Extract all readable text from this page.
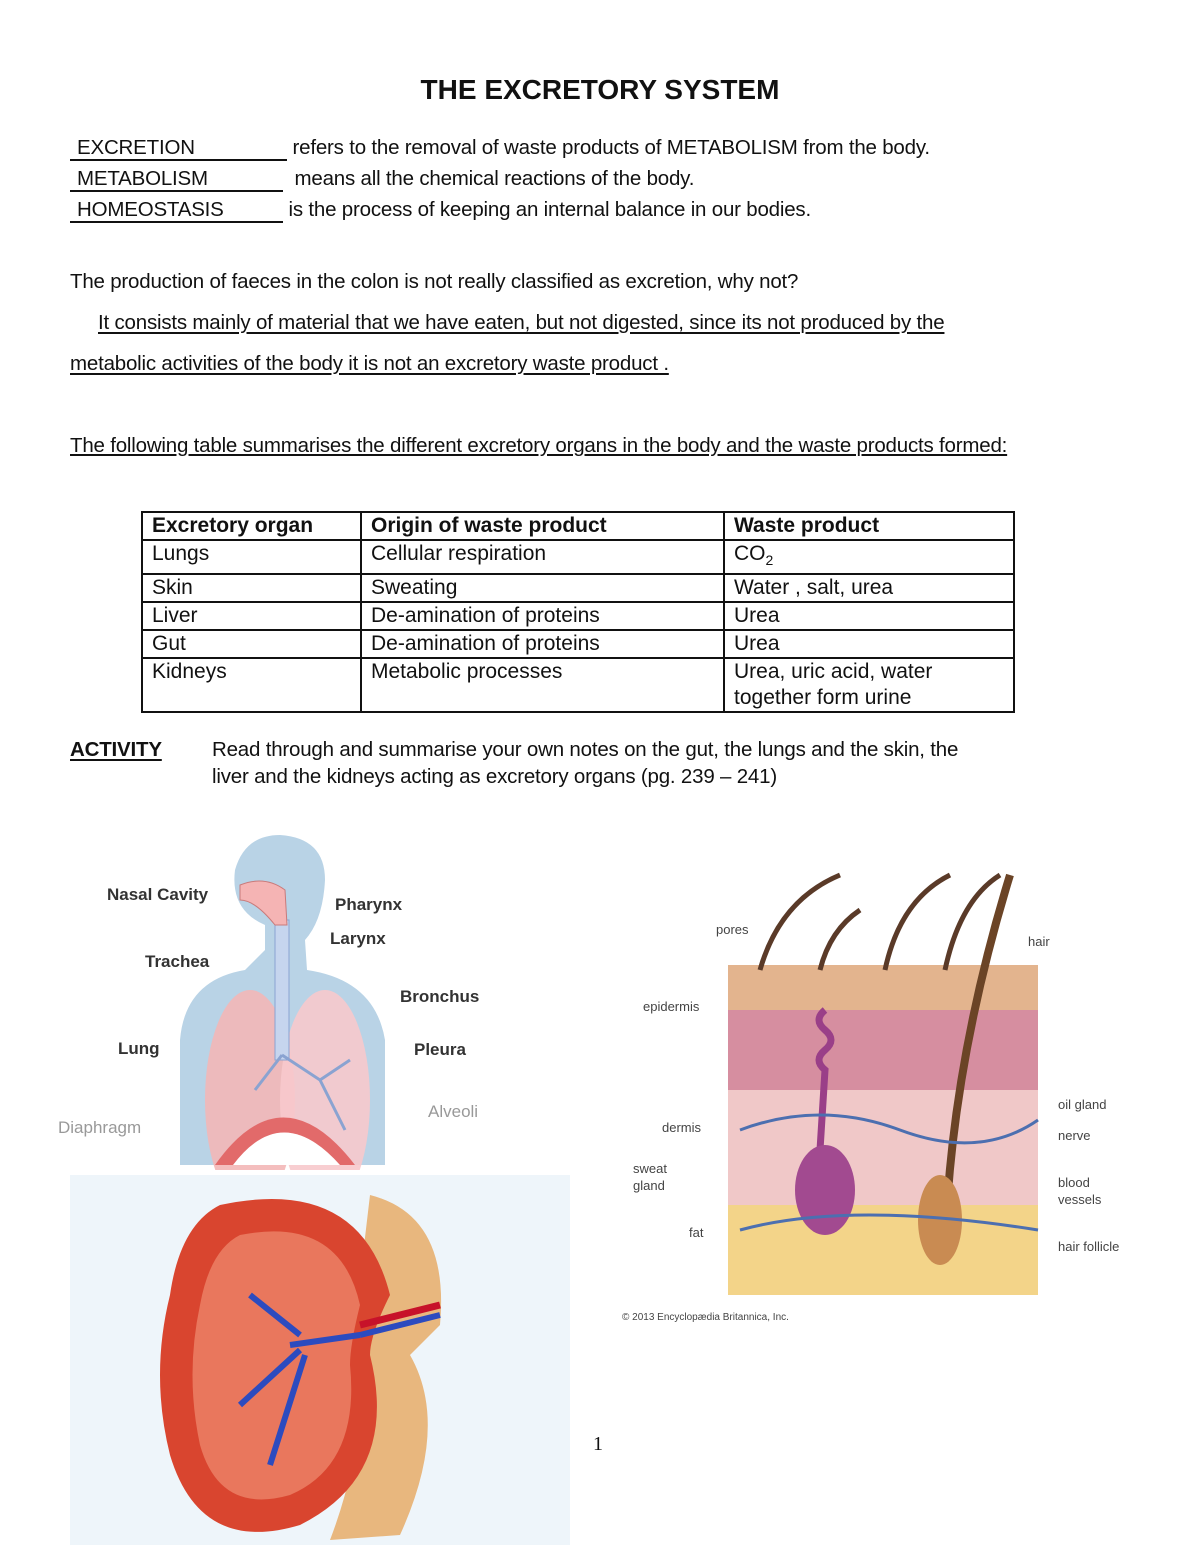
THE EXCRETORY SYSTEM
EXCRETION	refers to the removal of waste products of METABOLISM from the body.
METABOLISM	means all the chemical reactions of the body.
HOMEOSTASIS	is the process of keeping an internal balance in our bodies.
The production of faeces in the colon is not really classified as excretion, why not?
It consists mainly of material that we have eaten, but not digested, since its not produced by the
metabolic activities of the body it is not an excretory waste product .
The following table summarises the different excretory organs in the body and the waste products formed:
Excretory organ	Origin of waste product	Waste product
Lungs	Cellular respiration	$CO_2$
Skin	Sweating	Water , salt, urea
Liver	De-amination of proteins	Urea
Gut	De-amination of proteins	Urea
Kidneys	Metabolic processes	Urea, uric acid, water together form urine
ACTIVITY Read through and summarise your own notes on the gut, the lungs and the skin, the
liver and the kidneys acting as excretory organs (pg. 239 – 241)
Nasal Cavity
Pharynx
Larynx
Trachea
Bronchus
Lung	Pleura
Alveoli
Diaphragm
pores
hair
epidermis
dermis
oil gland
nerve
sweat
gland	blood
vessels
fat
hair follicle
© 2013 Encyclopædia Britannica, Inc.
1
